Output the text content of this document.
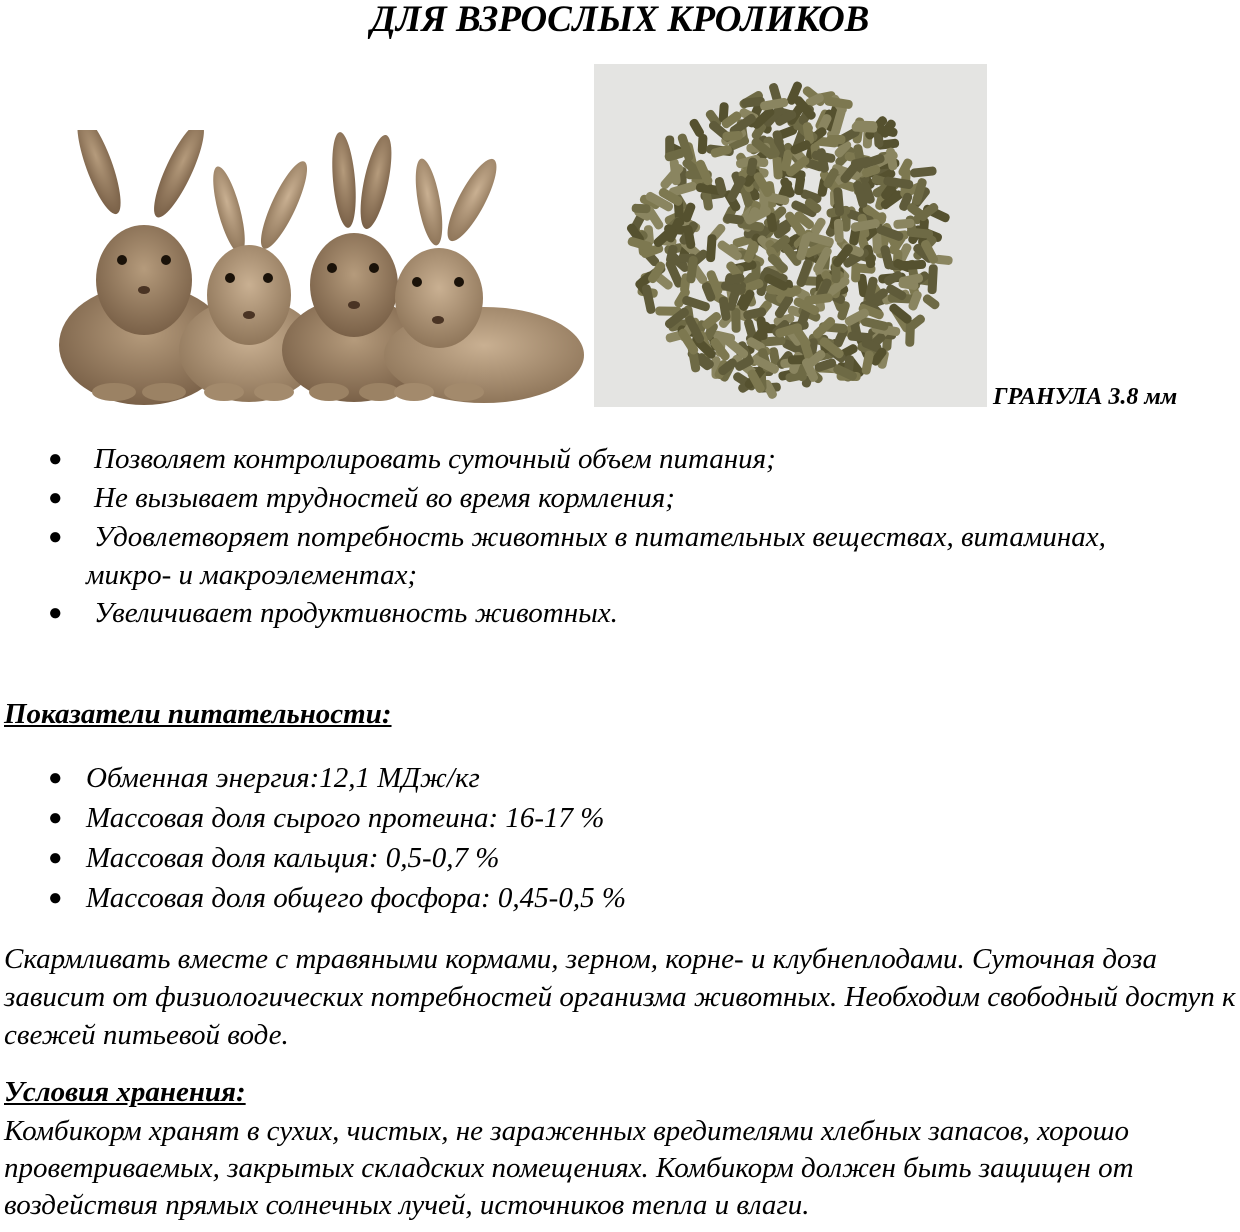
ДЛЯ ВЗРОСЛЫХ КРОЛИКОВ
ГРАНУЛА 3.8 мм
● Позволяет контролировать суточный объем питания;
● Не вызывает трудностей во время кормления;
● Удовлетворяет потребность животных в питательных веществах, витаминах,
микро- и макроэлементах;
● Увеличивает продуктивность животных.
Показатели питательности:
● Обменная энергия:12,1 МДж/кг
● Массовая доля сырого протеина: 16-17 %
● Массовая доля кальция: 0,5-0,7 %
● Массовая доля общего фосфора: 0,45-0,5 %

Скармливать вместе с травяными кормами, зерном, корне- и клубнеплодами. Суточная доза зависит от физиологических потребностей организма животных. Необходим свободный доступ к свежей питьевой воде.

Условия хранения:

Комбикорм хранят в сухих, чистых, не зараженных вредителями хлебных запасов, хорошо проветриваемых, закрытых складских помещениях. Комбикорм должен быть защищен от воздействия прямых солнечных лучей, источников тепла и влаги.
